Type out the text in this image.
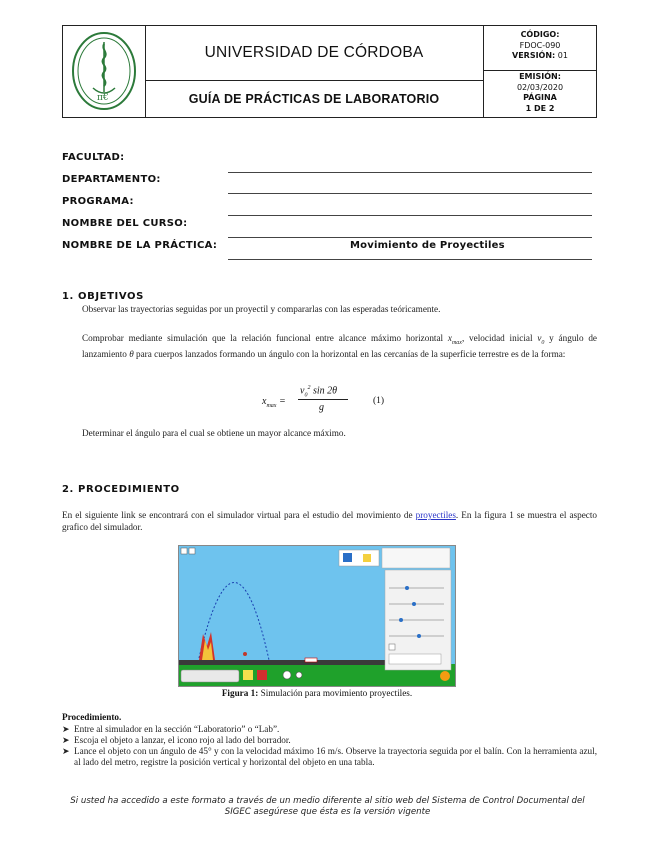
π€
UNIVERSIDAD DE CÓRDOBA
GUÍA DE PRÁCTICAS DE LABORATORIO
CÓDIGO:
FDOC-090
VERSIÓN: 01
EMISIÓN:
02/03/2020
PÁGINA
1 DE 2
FACULTAD:
DEPARTAMENTO:
PROGRAMA:
NOMBRE DEL CURSO:
NOMBRE DE LA PRÁCTICA:	Movimiento de Proyectiles
1. OBJETIVOS
Observar las trayectorias seguidas por un proyectil y compararlas con las esperadas teóricamente.
Comprobar mediante simulación que la relación funcional entre alcance máximo horizontal $x_{max}$, velocidad inicial $v_0$ y ángulo de lanzamiento θ para cuerpos lanzados formando un ángulo con la horizontal en las cercanías de la superficie terrestre es de la forma:
$x_{max}$ =
$v_0^2$ sin 2θ
g
(1)
Determinar el ángulo para el cual se obtiene un mayor alcance máximo.
2. PROCEDIMIENTO
En el siguiente link se encontrará con el simulador virtual para el estudio del movimiento de proyectiles. En la figura 1 se muestra el aspecto grafico del simulador.
Figura 1: Simulación para movimiento proyectiles.
Procedimiento.
➤ Entre al simulador en la sección “Laboratorio” o “Lab”.
➤ Escoja el objeto a lanzar, el icono rojo al lado del borrador.
➤ Lance el objeto con un ángulo de 45° y con la velocidad máximo 16 m/s. Observe la trayectoria seguida por el balín. Con la herramienta azul, al lado del metro, registre la posición vertical y horizontal del objeto en una tabla.
Si usted ha accedido a este formato a través de un medio diferente al sitio web del Sistema de Control Documental del
SIGEC asegúrese que ésta es la versión vigente
